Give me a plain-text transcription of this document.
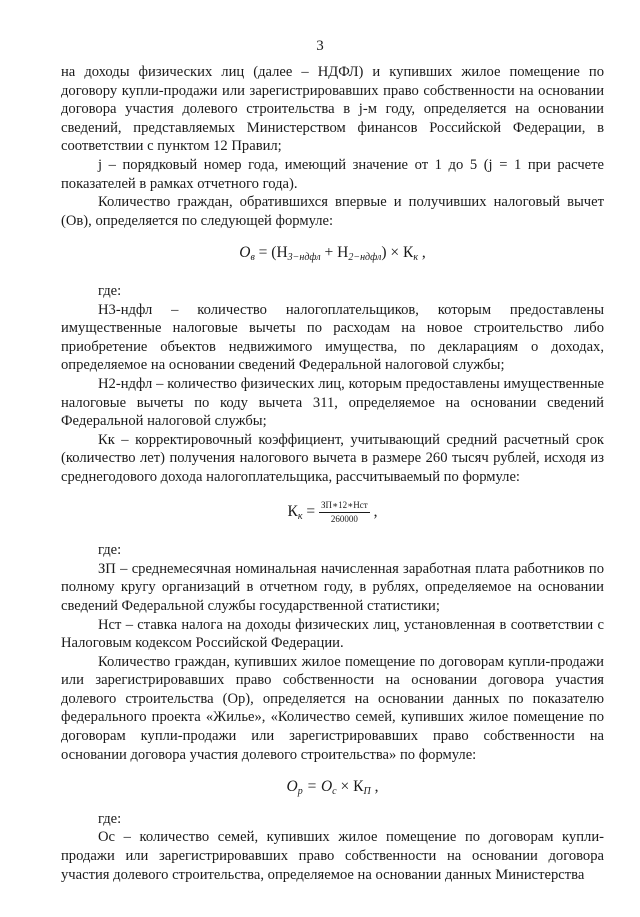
3

на доходы физических лиц (далее – НДФЛ) и купивших жилое помещение по договору купли-продажи или зарегистрировавших право собственности на основании договора участия долевого строительства в j-м году, определяется на основании сведений, представляемых Министерством финансов Российской Федерации, в соответствии с пунктом 12 Правил;

j – порядковый номер года, имеющий значение от 1 до 5 (j = 1 при расчете показателей в рамках отчетного года).

Количество граждан, обратившихся впервые и получивших налоговый вычет (Oв), определяется по следующей формуле:

$O_в = (Н_{3-ндфл} + Н_{2-ндфл}) \times К_к$ ,

где:

Н3-ндфл – количество налогоплательщиков, которым предоставлены имущественные налоговые вычеты по расходам на новое строительство либо приобретение объектов недвижимого имущества, по декларациям о доходах, определяемое на основании сведений Федеральной налоговой службы;

Н2-ндфл – количество физических лиц, которым предоставлены имущественные налоговые вычеты по коду вычета 311, определяемое на основании сведений Федеральной налоговой службы;

Кк – корректировочный коэффициент, учитывающий средний расчетный срок (количество лет) получения налогового вычета в размере 260 тысяч рублей, исходя из среднегодового дохода налогоплательщика, рассчитываемый по формуле:

$К_к = \frac{\text{ЗП∗12∗Нст}}{260000}$ ,

где:

ЗП – среднемесячная номинальная начисленная заработная плата работников по полному кругу организаций в отчетном году, в рублях, определяемое на основании сведений Федеральной службы государственной статистики;

Нст – ставка налога на доходы физических лиц, установленная в соответствии с Налоговым кодексом Российской Федерации.

Количество граждан, купивших жилое помещение по договорам купли-продажи или зарегистрировавших право собственности на основании договора участия долевого строительства (Op), определяется на основании данных по показателю федерального проекта «Жилье», «Количество семей, купивших жилое помещение по договорам купли-продажи или зарегистрировавших право собственности на основании договора участия долевого строительства» по формуле:

$O_p = O_c \times К_П$ ,

где:

Oc – количество семей, купивших жилое помещение по договорам купли-продажи или зарегистрировавших право собственности на основании договора участия долевого строительства, определяемое на основании данных Министерства
